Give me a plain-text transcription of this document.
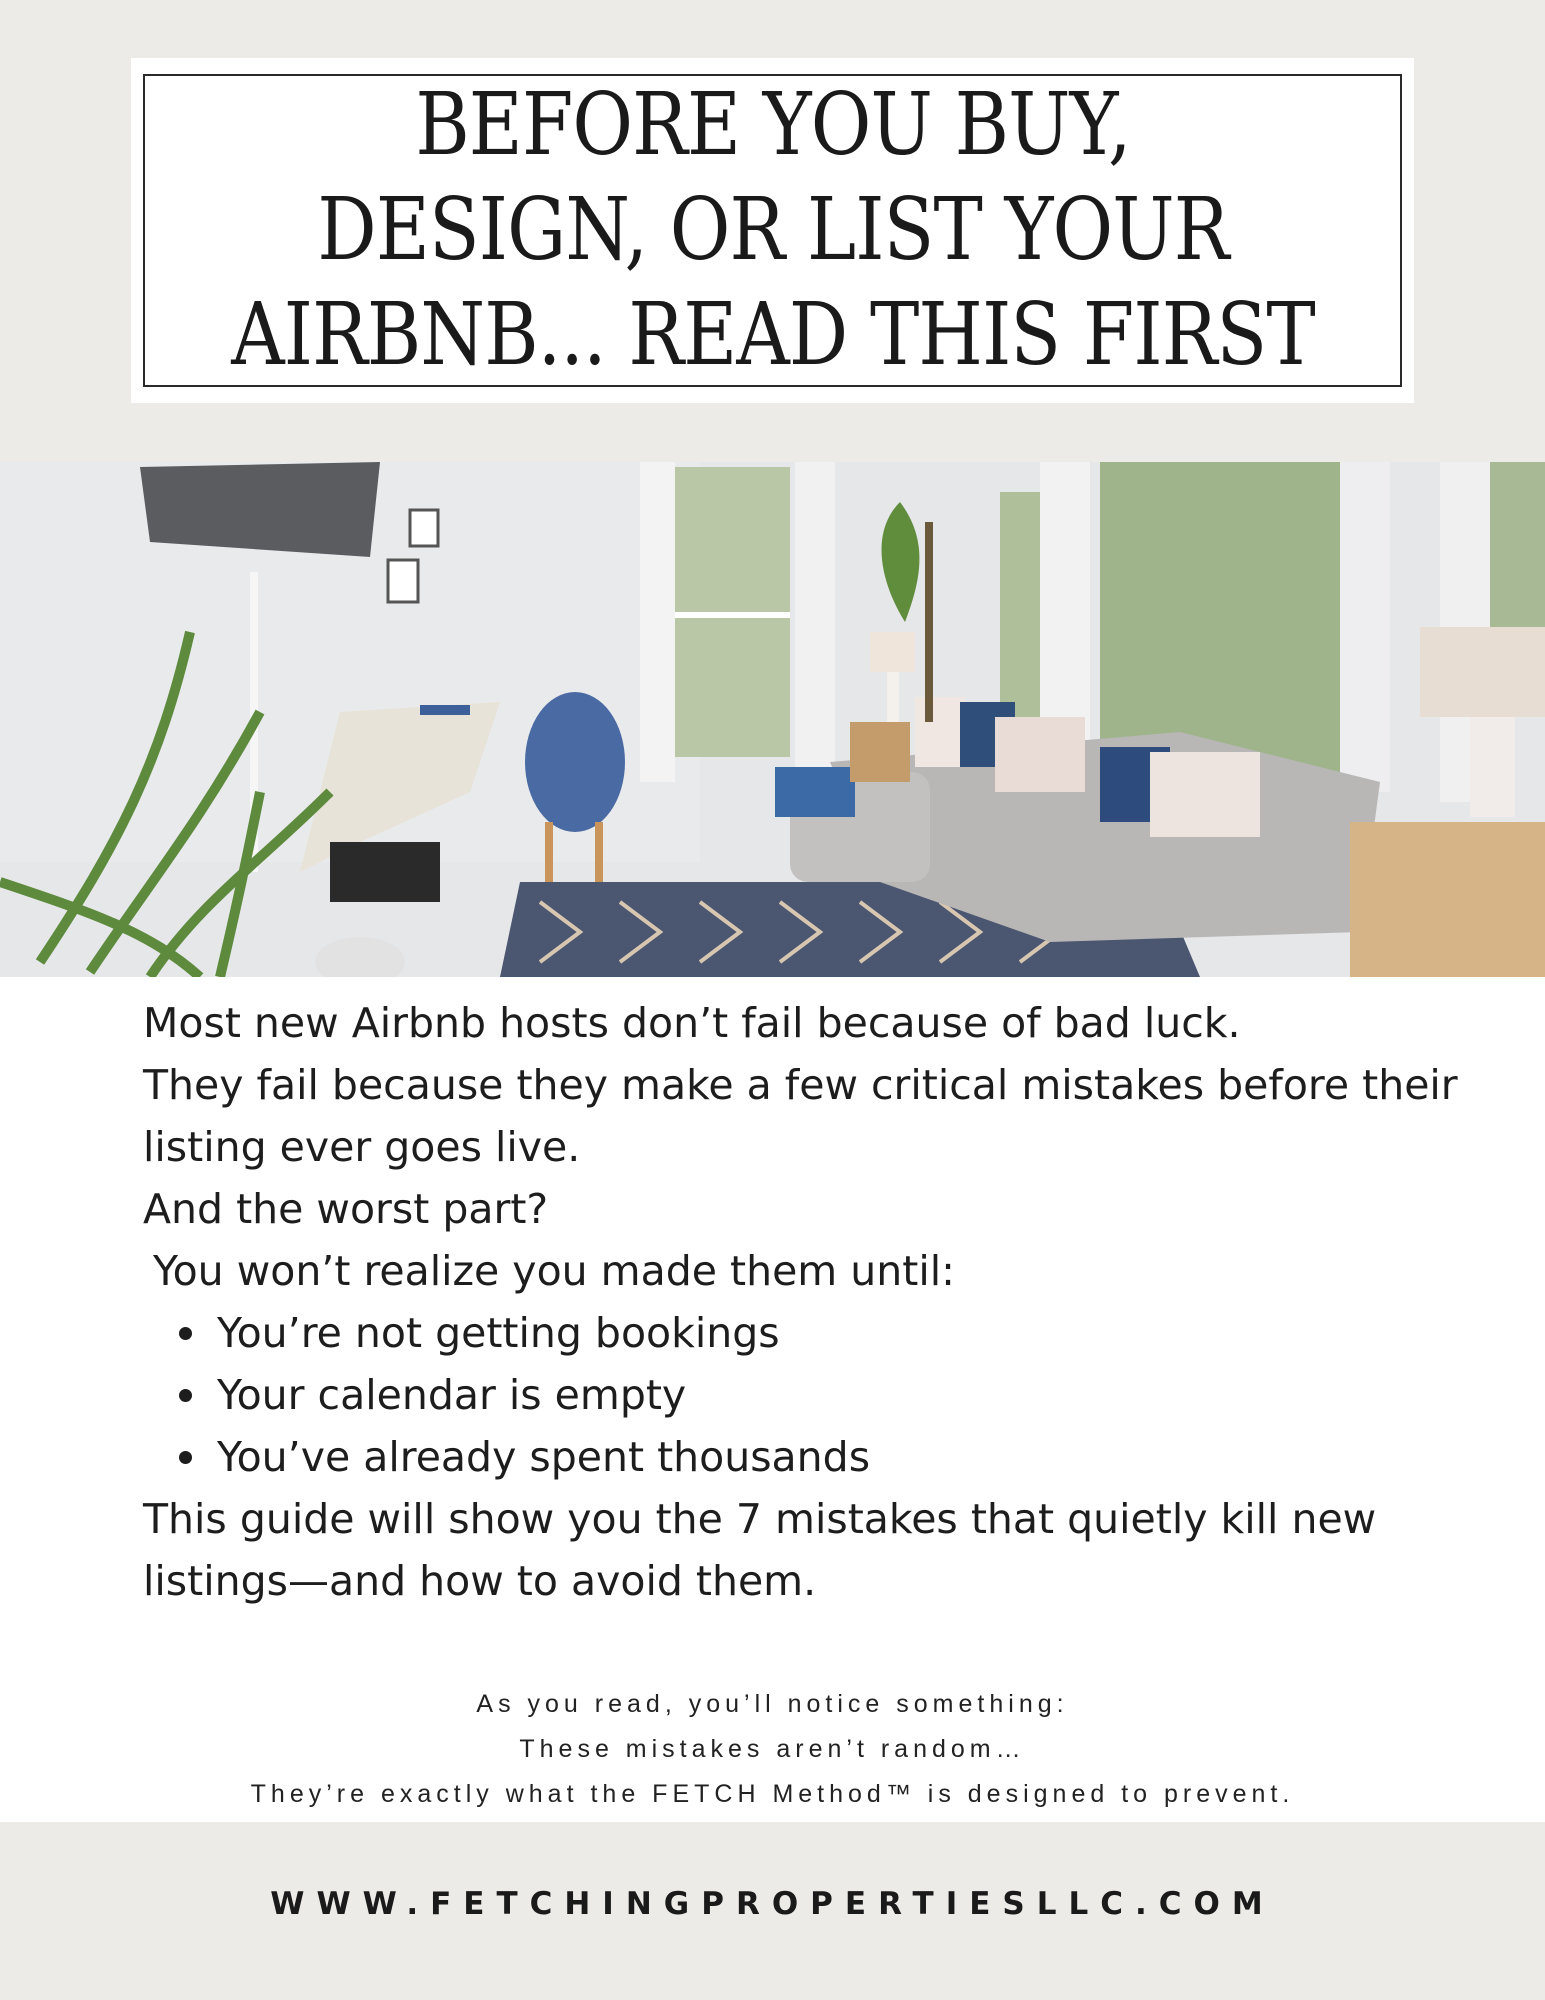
BEFORE YOU BUY,
DESIGN, OR LIST YOUR
AIRBNB... READ THIS FIRST

Most new Airbnb hosts don’t fail because of bad luck.

They fail because they make a few critical mistakes before their listing ever goes live.

And the worst part?

You won’t realize you made them until:

You’re not getting bookings
Your calendar is empty
You’ve already spent thousands

This guide will show you the 7 mistakes that quietly kill new listings—and how to avoid them.

As you read, you’ll notice something:

These mistakes aren’t random…

They’re exactly what the FETCH Method™ is designed to prevent.

WWW.FETCHINGPROPERTIESLLC.COM
